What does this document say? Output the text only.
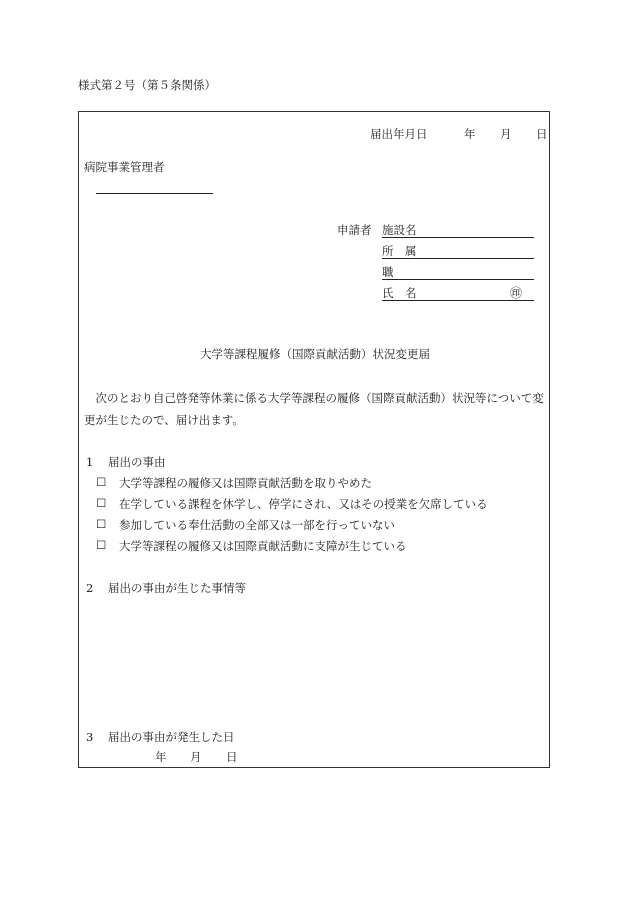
様式第２号（第５条関係）
届出年月日	年 月 日
病院事業管理者
申請者 施設名
所　属
職
氏　名	㊞
大学等課程履修（国際貢献活動）状況変更届
次のとおり自己啓発等休業に係る大学等課程の履修（国際貢献活動）状況等について変更が生じたので、届け出ます。
1 届出の事由
☐ 大学等課程の履修又は国際貢献活動を取りやめた
☐ 在学している課程を休学し、停学にされ、又はその授業を欠席している
☐ 参加している奉仕活動の全部又は一部を行っていない
☐ 大学等課程の履修又は国際貢献活動に支障が生じている
2 届出の事由が生じた事情等
3 届出の事由が発生した日
年 月 日
